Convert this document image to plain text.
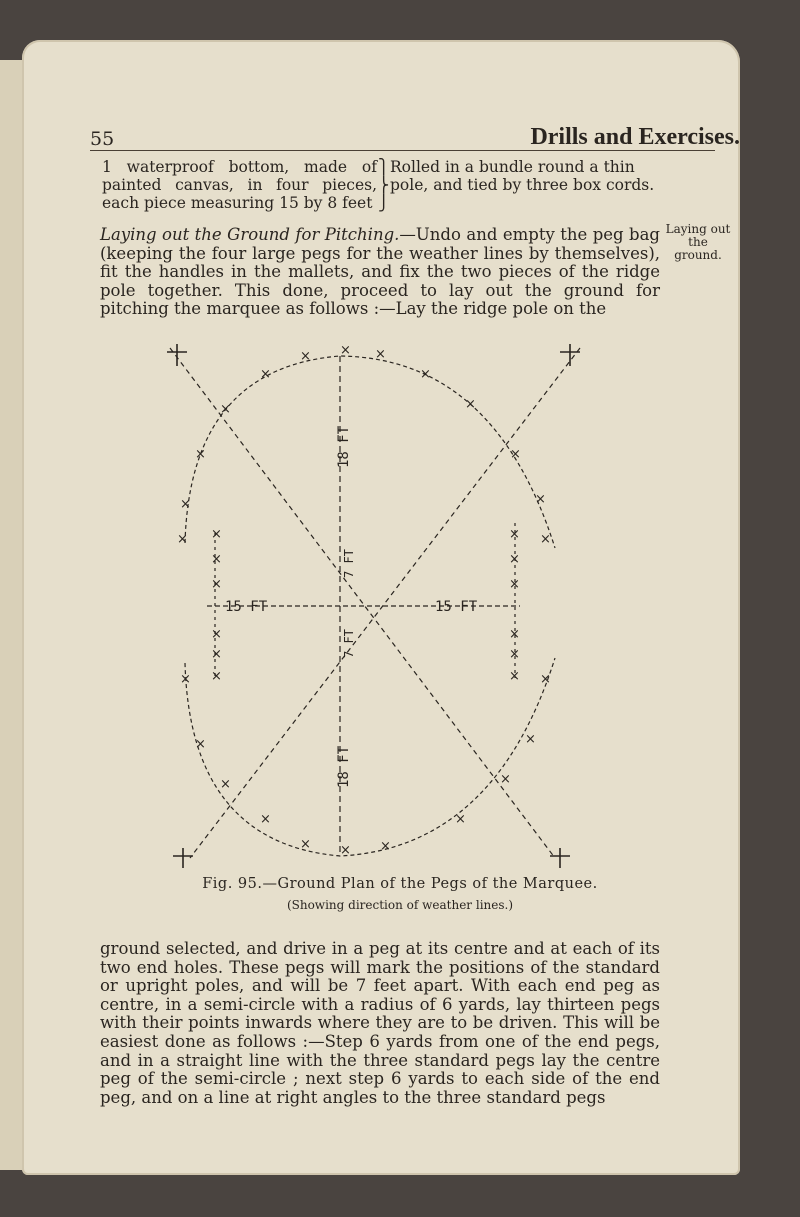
55	Drills and Exercises.
1 waterproof bottom, made of painted canvas, in four pieces, each piece measuring 15 by 8 feet
⎫
⎬
⎭
Rolled in a bundle round a thin pole, and tied by three box cords.
Laying out the ground.
Laying out the Ground for Pitching.—Undo and empty the peg bag (keeping the four large pegs for the weather lines by themselves), fit the handles in the mallets, and fix the two pieces of the ridge pole together. This done, proceed to lay out the ground for pitching the marquee as follows :—Lay the ridge pole on the
15 FT	15 FT
18 FT
18 FT
7 FT
7 FT
× × ×
×	×
×	×
×	×
×	×
×	×
×	×
×	×
×	×
×	×
× × ×
×
×
×
×
×
×
×
×
×
×
×
×
Fig. 95.—Ground Plan of the Pegs of the Marquee.
(Showing direction of weather lines.)
ground selected, and drive in a peg at its centre and at each of its two end holes. These pegs will mark the positions of the standard or upright poles, and will be 7 feet apart. With each end peg as centre, in a semi-circle with a radius of 6 yards, lay thirteen pegs with their points inwards where they are to be driven. This will be easiest done as follows :—Step 6 yards from one of the end pegs, and in a straight line with the three standard pegs lay the centre peg of the semi-circle ; next step 6 yards to each side of the end peg, and on a line at right angles to the three standard pegs
